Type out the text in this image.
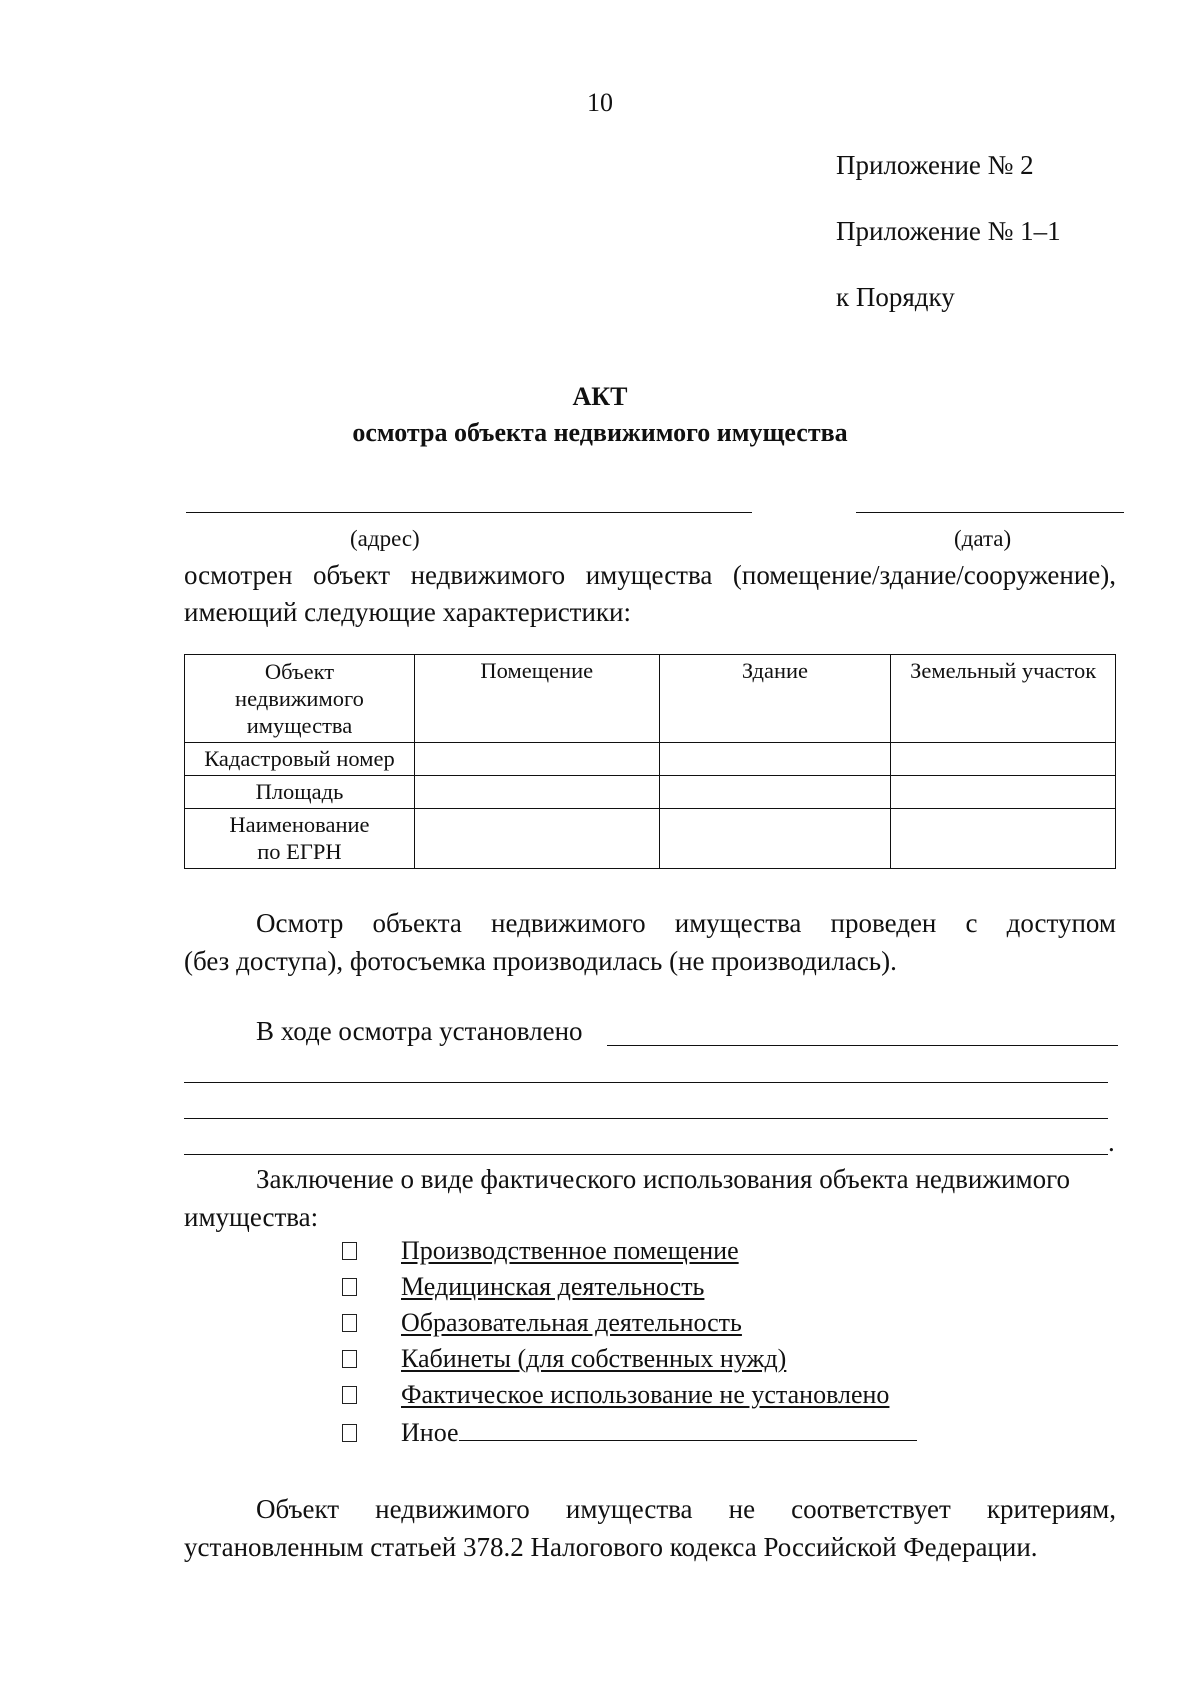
10
Приложение № 2
Приложение № 1–1
к Порядку
АКТ
осмотра объекта недвижимого имущества
(адрес)	(дата)
осмотрен объект недвижимого имущества (помещение/здание/сооружение),
имеющий следующие характеристики:
Объект недвижимого имущества	Помещение	Здание	Земельный участок
Кадастровый номер			
Площадь			
Наименование по ЕГРН			
Осмотр объекта недвижимого имущества проведен с доступом
(без доступа), фотосъемка производилась (не производилась).
В ходе осмотра установлено
.
Заключение о виде фактического использования объекта недвижимого
имущества:
Производственное помещение
Медицинская деятельность
Образовательная деятельность
Кабинеты (для собственных нужд)
Фактическое использование не установлено
Иное
Объект недвижимого имущества не соответствует критериям,
установленным статьей 378.2 Налогового кодекса Российской Федерации.
